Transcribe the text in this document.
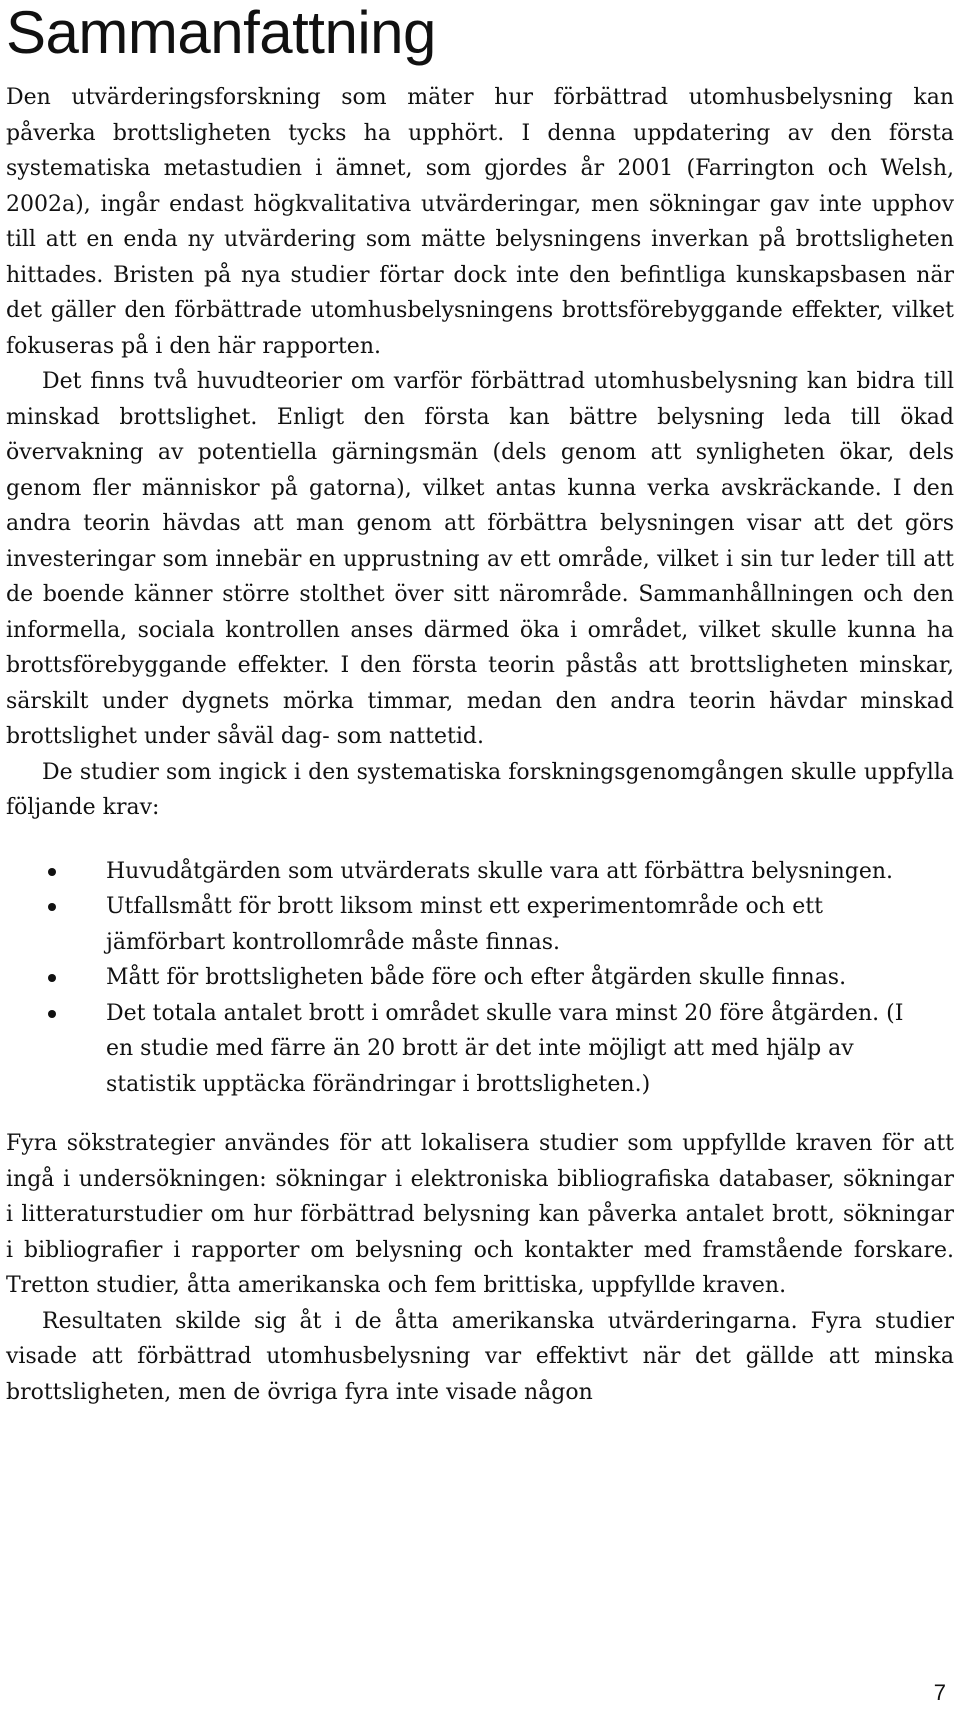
Sammanfattning

Den utvärderingsforskning som mäter hur förbättrad utomhusbelysning kan påverka brottsligheten tycks ha upphört. I denna uppdatering av den första systematiska metastudien i ämnet, som gjordes år 2001 (Farrington och Welsh, 2002a), ingår endast högkvalitativa utvärderingar, men sökningar gav inte upphov till att en enda ny utvärdering som mätte belysningens inverkan på brottsligheten hittades. Bristen på nya studier förtar dock inte den befintliga kunskapsbasen när det gäller den förbättrade utomhusbelysningens brottsförebyggande effekter, vilket fokuseras på i den här rapporten.

Det finns två huvudteorier om varför förbättrad utomhusbelysning kan bidra till minskad brottslighet. Enligt den första kan bättre belysning leda till ökad övervakning av potentiella gärningsmän (dels genom att synligheten ökar, dels genom fler människor på gatorna), vilket antas kunna verka avskräckande. I den andra teorin hävdas att man genom att förbättra belysningen visar att det görs investeringar som innebär en upprustning av ett område, vilket i sin tur leder till att de boende känner större stolthet över sitt närområde. Sammanhållningen och den informella, sociala kontrollen anses därmed öka i området, vilket skulle kunna ha brottsförebyggande effekter. I den första teorin påstås att brottsligheten minskar, särskilt under dygnets mörka timmar, medan den andra teorin hävdar minskad brottslighet under såväl dag- som nattetid.

De studier som ingick i den systematiska forskningsgenomgången skulle uppfylla följande krav:

Huvudåtgärden som utvärderats skulle vara att förbättra belysningen.
Utfallsmått för brott liksom minst ett experimentområde och ett jämförbart kontrollområde måste finnas.
Mått för brottsligheten både före och efter åtgärden skulle finnas.
Det totala antalet brott i området skulle vara minst 20 före åtgärden. (I en studie med färre än 20 brott är det inte möjligt att med hjälp av statistik upptäcka förändringar i brottsligheten.)

Fyra sökstrategier användes för att lokalisera studier som uppfyllde kraven för att ingå i undersökningen: sökningar i elektroniska bibliografiska databaser, sökningar i litteraturstudier om hur förbättrad belysning kan påverka antalet brott, sökningar i bibliografier i rapporter om belysning och kontakter med framstående forskare. Tretton studier, åtta amerikanska och fem brittiska, uppfyllde kraven.

Resultaten skilde sig åt i de åtta amerikanska utvärderingarna. Fyra studier visade att förbättrad utomhusbelysning var effektivt när det gällde att minska brottsligheten, men de övriga fyra inte visade någon

7
